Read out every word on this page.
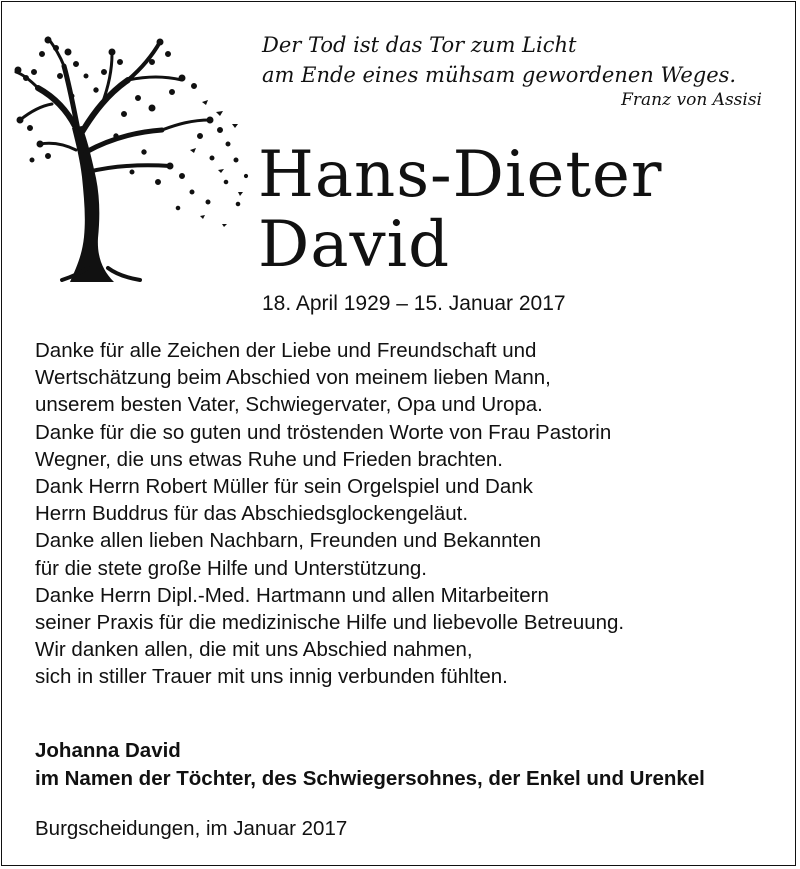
Der Tod ist das Tor zum Licht
am Ende eines mühsam gewordenen Weges.
Franz von Assisi
Hans-Dieter
David
18. April 1929 – 15. Januar 2017

Danke für alle Zeichen der Liebe und Freundschaft und

Wertschätzung beim Abschied von meinem lieben Mann,

unserem besten Vater, Schwiegervater, Opa und Uropa.

Danke für die so guten und tröstenden Worte von Frau Pastorin

Wegner, die uns etwas Ruhe und Frieden brachten.

Dank Herrn Robert Müller für sein Orgelspiel und Dank

Herrn Buddrus für das Abschiedsglockengeläut.

Danke allen lieben Nachbarn, Freunden und Bekannten

für die stete große Hilfe und Unterstützung.

Danke Herrn Dipl.-Med. Hartmann und allen Mitarbeitern

seiner Praxis für die medizinische Hilfe und liebevolle Betreuung.

Wir danken allen, die mit uns Abschied nahmen,

sich in stiller Trauer mit uns innig verbunden fühlten.

Johanna David

im Namen der Töchter, des Schwiegersohnes, der Enkel und Urenkel

Burgscheidungen, im Januar 2017
